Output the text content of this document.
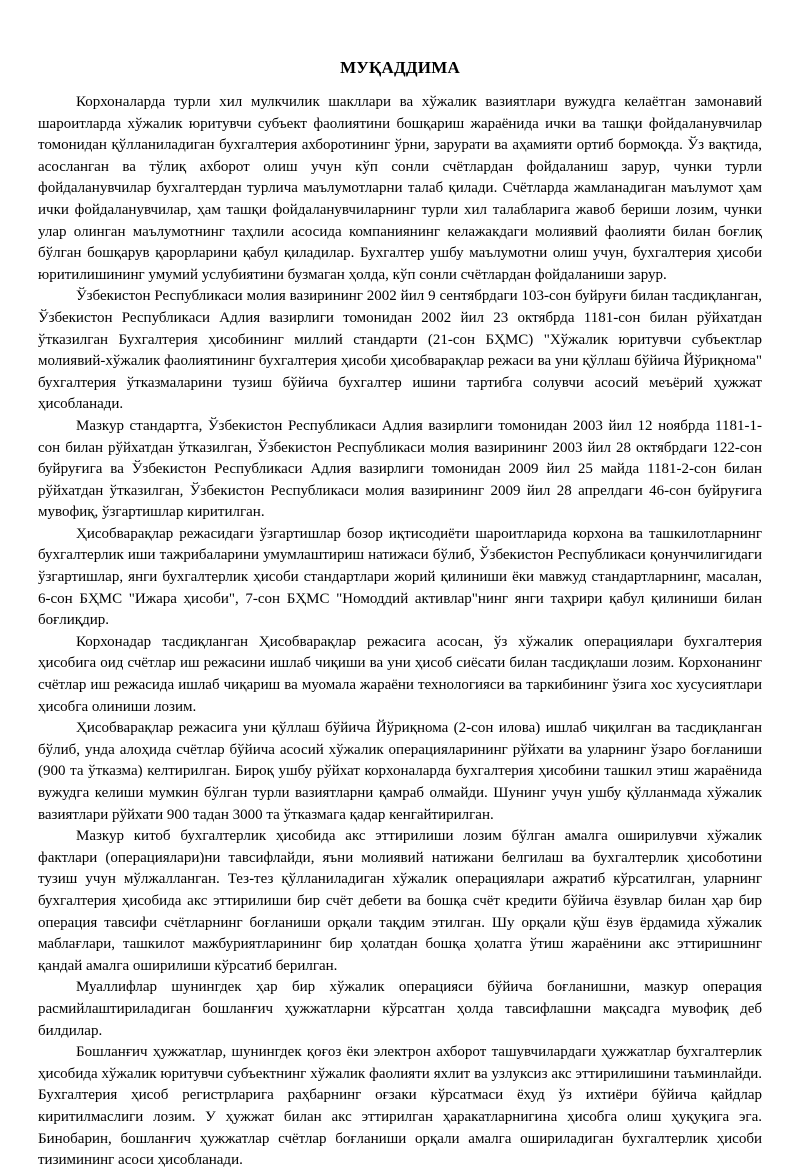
МУҚАДДИМА

Корхоналарда турли хил мулкчилик шакллари ва хўжалик вазиятлари вужудга келаётган замонавий шароитларда хўжалик юритувчи субъект фаолиятини бошқариш жараёнида ички ва ташқи фойдаланувчилар томонидан қўлланиладиган бухгалтерия ахборотининг ўрни, зарурати ва аҳамияти ортиб бормоқда. Ўз вақтида, асосланган ва тўлиқ ахборот олиш учун кўп сонли счётлардан фойдаланиш зарур, чунки турли фойдаланувчилар бухгалтердан турлича маълумотларни талаб қилади. Счётларда жамланадиган маълумот ҳам ички фойдаланувчилар, ҳам ташқи фойдаланувчиларнинг турли хил талабларига жавоб бериши лозим, чунки улар олинган маълумотнинг таҳлили асосида компаниянинг келажакдаги молиявий фаолияти билан боғлиқ бўлган бошқарув қарорларини қабул қиладилар. Бухгалтер ушбу маълумотни олиш учун, бухгалтерия ҳисоби юритилишининг умумий услубиятини бузмаган ҳолда, кўп сонли счётлардан фойдаланиши зарур.

Ўзбекистон Республикаси молия вазирининг 2002 йил 9 сентябрдаги 103-сон буйруғи билан тасдиқланган, Ўзбекистон Республикаси Адлия вазирлиги томонидан 2002 йил 23 октябрда 1181-сон билан рўйхатдан ўтказилган Бухгалтерия ҳисобининг миллий стандарти (21-сон БҲМС) "Хўжалик юритувчи субъектлар молиявий-хўжалик фаолиятининг бухгалтерия ҳисоби ҳисобварақлар режаси ва уни қўллаш бўйича Йўриқнома" бухгалтерия ўтказмаларини тузиш бўйича бухгалтер ишини тартибга солувчи асосий меъёрий ҳужжат ҳисобланади.

Мазкур стандартга, Ўзбекистон Республикаси Адлия вазирлиги томонидан 2003 йил 12 ноябрда 1181-1-сон билан рўйхатдан ўтказилган, Ўзбекистон Республикаси молия вазирининг 2003 йил 28 октябрдаги 122-сон буйруғига ва Ўзбекистон Республикаси Адлия вазирлиги томонидан 2009 йил 25 майда 1181-2-сон билан рўйхатдан ўтказилган, Ўзбекистон Республикаси молия вазирининг 2009 йил 28 апрелдаги 46-сон буйруғига мувофиқ, ўзгартишлар киритилган.

Ҳисобварақлар режасидаги ўзгартишлар бозор иқтисодиёти шароитларида корхона ва ташкилотларнинг бухгалтерлик иши тажрибаларини умумлаштириш натижаси бўлиб, Ўзбекистон Республикаси қонунчилигидаги ўзгартишлар, янги бухгалтерлик ҳисоби стандартлари жорий қилиниши ёки мавжуд стандартларнинг, масалан, 6-сон БҲМС "Ижара ҳисоби", 7-сон БҲМС "Номоддий активлар"нинг янги таҳрири қабул қилиниши билан боғлиқдир.

Корхонадар тасдиқланган Ҳисобварақлар режасига асосан, ўз хўжалик операциялари бухгалтерия ҳисобига оид счётлар иш режасини ишлаб чиқиши ва уни ҳисоб сиёсати билан тасдиқлаши лозим. Корхонанинг счётлар иш режасида ишлаб чиқариш ва муомала жараёни технологияси ва таркибининг ўзига хос хусусиятлари ҳисобга олиниши лозим.

Ҳисобварақлар режасига уни қўллаш бўйича Йўриқнома (2-сон илова) ишлаб чиқилган ва тасдиқланган бўлиб, унда алоҳида счётлар бўйича асосий хўжалик операцияларининг рўйхати ва уларнинг ўзаро боғланиши (900 та ўтказма) келтирилган. Бироқ ушбу рўйхат корхоналарда бухгалтерия ҳисобини ташкил этиш жараёнида вужудга келиши мумкин бўлган турли вазиятларни қамраб олмайди. Шунинг учун ушбу қўлланмада хўжалик вазиятлари рўйхати 900 тадан 3000 та ўтказмага қадар кенгайтирилган.

Мазкур китоб бухгалтерлик ҳисобида акс эттирилиши лозим бўлган амалга оширилувчи хўжалик фактлари (операциялари)ни тавсифлайди, яъни молиявий натижани белгилаш ва бухгалтерлик ҳисоботини тузиш учун мўлжалланган. Тез-тез қўлланиладиган хўжалик операциялари ажратиб кўрсатилган, уларнинг бухгалтерия ҳисобида акс эттирилиши бир счёт дебети ва бошқа счёт кредити бўйича ёзувлар билан ҳар бир операция тавсифи счётларнинг боғланиши орқали тақдим этилган. Шу орқали қўш ёзув ёрдамида хўжалик маблағлари, ташкилот мажбуриятларининг бир ҳолатдан бошқа ҳолатга ўтиш жараёнини акс эттиришнинг қандай амалга оширилиши кўрсатиб берилган.

Муаллифлар шунингдек ҳар бир хўжалик операцияси бўйича боғланишни, мазкур операция расмийлаштириладиган бошланғич ҳужжатларни кўрсатган ҳолда тавсифлашни мақсадга мувофиқ деб билдилар.

Бошланғич ҳужжатлар, шунингдек қоғоз ёки электрон ахборот ташувчилардаги ҳужжатлар бухгалтерлик ҳисобида хўжалик юритувчи субъектнинг хўжалик фаолияти яхлит ва узлуксиз акс эттирилишини таъминлайди. Бухгалтерия ҳисоб регистрларига раҳбарнинг оғзаки кўрсатмаси ёхуд ўз ихтиёри бўйича қайдлар киритилмаслиги лозим. У ҳужжат билан акс эттирилган ҳаракатларнигина ҳисобга олиш ҳуқуқига эга. Бинобарин, бошланғич ҳужжатлар счётлар боғланиши орқали амалга ошириладиган бухгалтерлик ҳисоби тизимининг асоси ҳисобланади.
